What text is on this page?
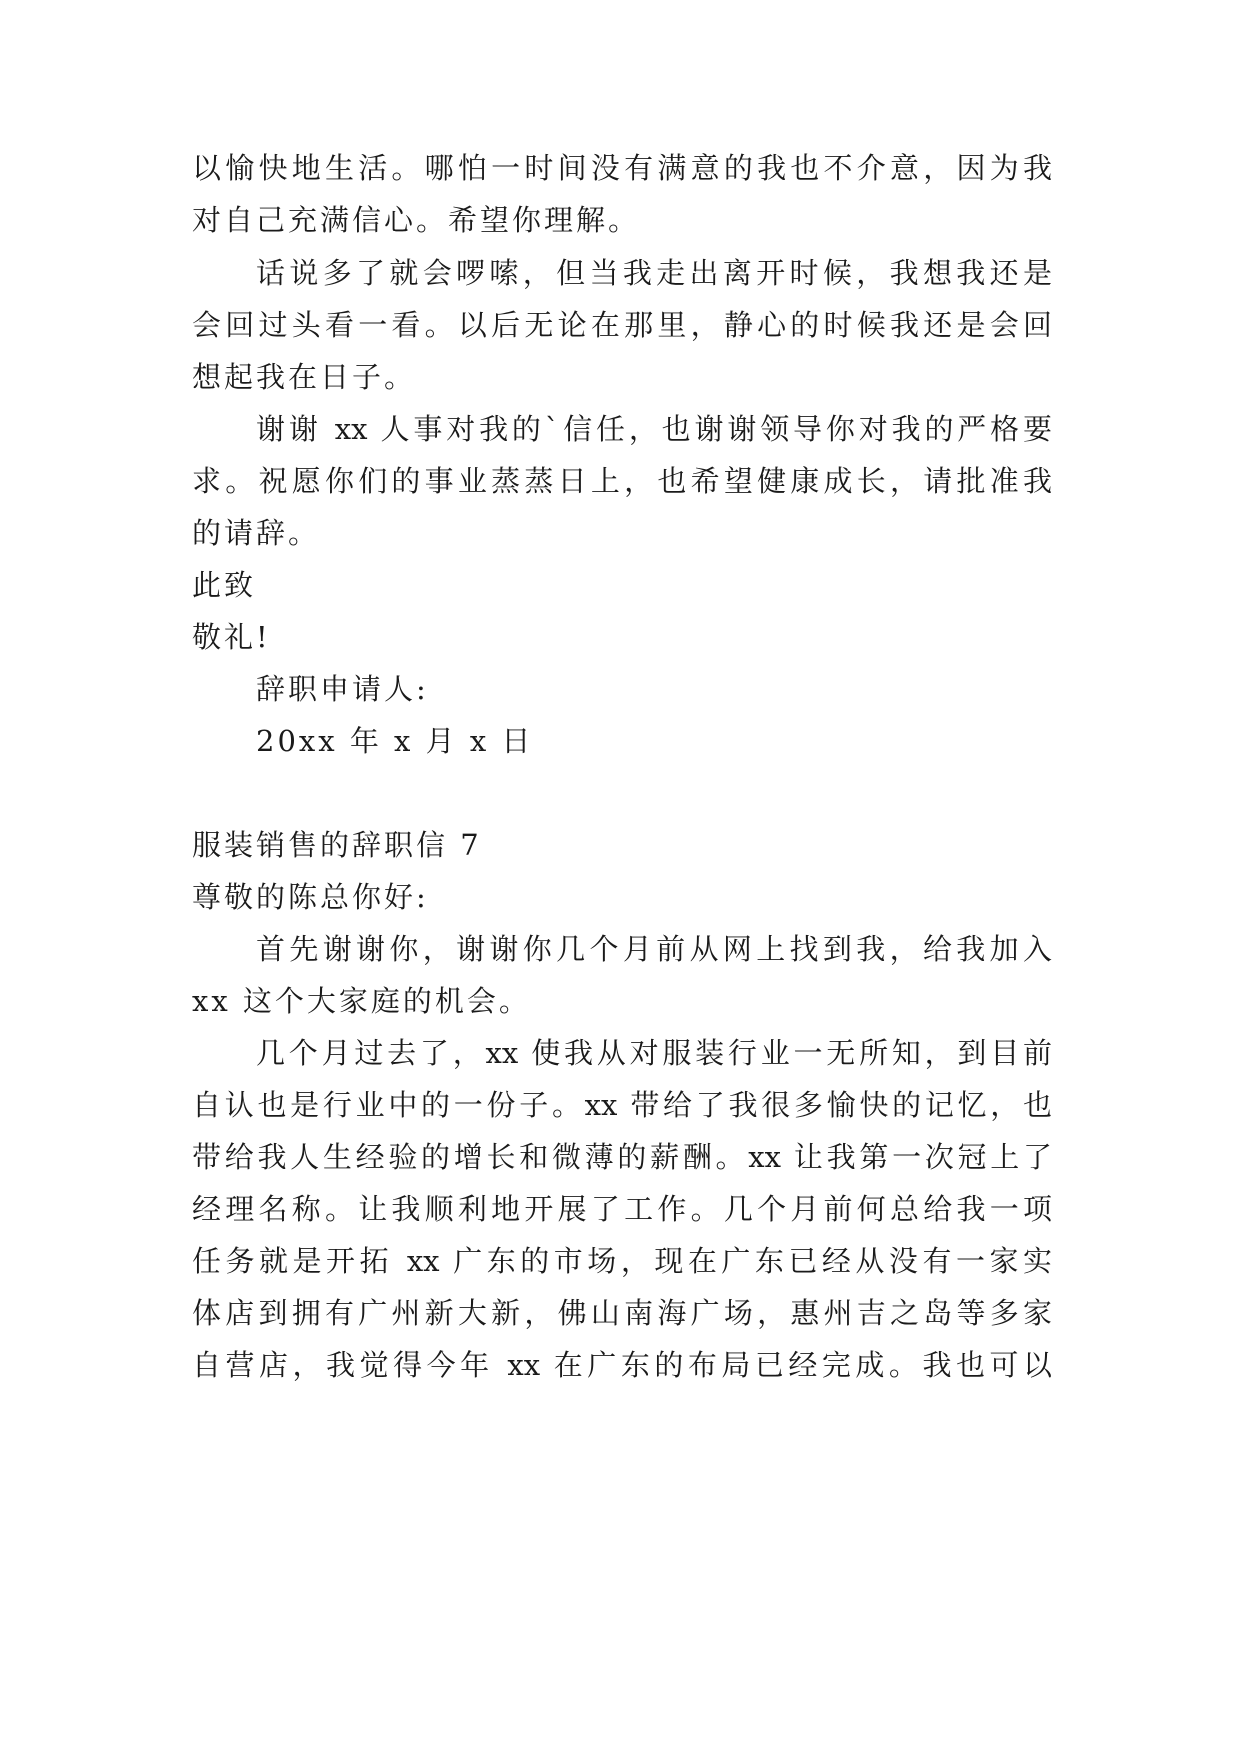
以愉快地生活。哪怕一时间没有满意的我也不介意，因为我
对自己充满信心。希望你理解。
话说多了就会啰嗦，但当我走出离开时候，我想我还是
会回过头看一看。以后无论在那里，静心的时候我还是会回
想起我在日子。
谢谢 xx 人事对我的`信任，也谢谢领导你对我的严格要
求。祝愿你们的事业蒸蒸日上，也希望健康成长，请批准我
的请辞。
此致
敬礼!
辞职申请人:
20xx 年 x 月 x 日
服装销售的辞职信 7
尊敬的陈总你好:
首先谢谢你，谢谢你几个月前从网上找到我，给我加入
xx 这个大家庭的机会。
几个月过去了，xx 使我从对服装行业一无所知，到目前
自认也是行业中的一份子。xx 带给了我很多愉快的记忆，也
带给我人生经验的增长和微薄的薪酬。xx 让我第一次冠上了
经理名称。让我顺利地开展了工作。几个月前何总给我一项
任务就是开拓 xx 广东的市场，现在广东已经从没有一家实
体店到拥有广州新大新，佛山南海广场，惠州吉之岛等多家
自营店，我觉得今年 xx 在广东的布局已经完成。我也可以
